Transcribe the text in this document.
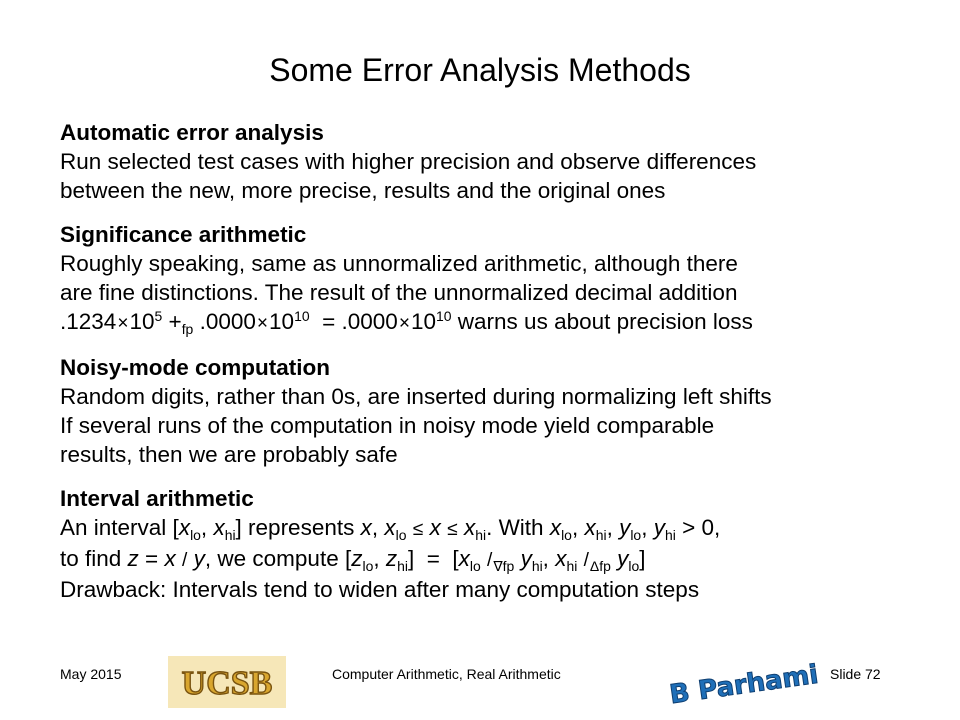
Some Error Analysis Methods
Automatic error analysis
Run selected test cases with higher precision and observe differences
between the new, more precise, results and the original ones
Significance arithmetic
Roughly speaking, same as unnormalized arithmetic, although there
are fine distinctions. The result of the unnormalized decimal addition
$.1234\times 10^5 +_{fp}$ $.0000\times 10^{10} = .0000\times 10^{10}$ warns us about precision loss
Noisy-mode computation
Random digits, rather than 0s, are inserted during normalizing left shifts
If several runs of the computation in noisy mode yield comparable
results, then we are probably safe
Interval arithmetic
An interval [$x_{lo}$, $x_{hi}$] represents x, $x_{lo} \le x \le x_{hi}$. With $x_{lo}$, $x_{hi}$, $y_{lo}$, $y_{hi} > 0$,
to find z = x / y, we compute [$z_{lo}$, $z_{hi}] = [x_{lo}$ $/_{\nabla fp}$ $y_{hi}$, $x_{hi}$ $/_{\Delta fp}$ $y_{lo}$]
Drawback: Intervals tend to widen after many computation steps
May 2015 UCSB	Computer Arithmetic, Real Arithmetic	B Parhami Slide 72
